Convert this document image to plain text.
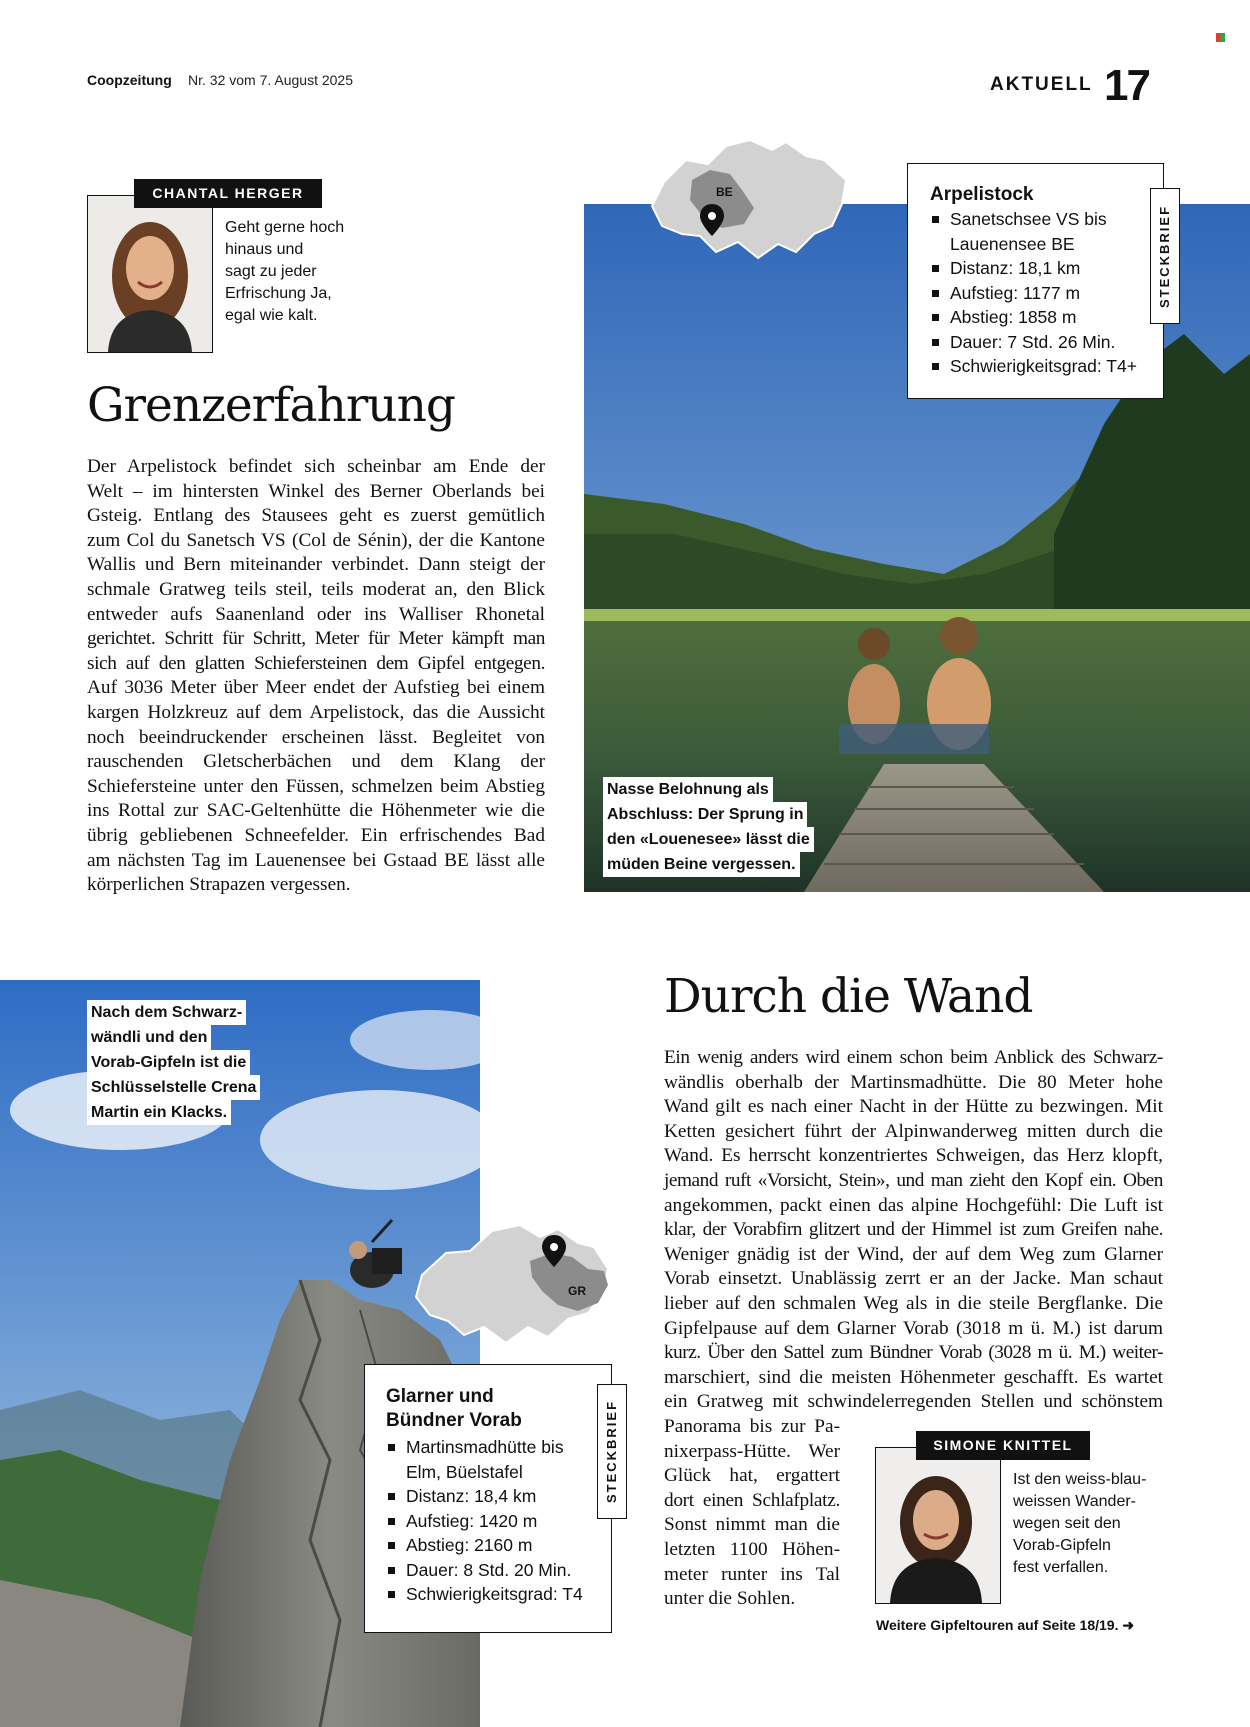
Coopzeitung Nr. 32 vom 7. August 2025	AKTUELL 17
BE
CHANTAL HERGER
Geht gerne hoch
hinaus und
sagt zu jeder
Erfrischung Ja,
egal wie kalt.
Arpelistock
Sanetschsee VS bis Lauenensee BE
Distanz: 18,1 km
Aufstieg: 1177 m
Abstieg: 1858 m
Dauer: 7 Std. 26 Min.
Schwierigkeitsgrad: T4+
STECKBRIEF
Grenzerfahrung
Der Arpelistock befindet sich scheinbar am Ende der
Welt – im hintersten Winkel des Berner Oberlands bei
Gsteig. Entlang des Stausees geht es zuerst gemütlich
zum Col du Sanetsch VS (Col de Sénin), der die Kantone
Wallis und Bern miteinander verbindet. Dann steigt der
schmale Gratweg teils steil, teils moderat an, den Blick
entweder aufs Saanenland oder ins Walliser Rhonetal
gerichtet. Schritt für Schritt, Meter für Meter kämpft man
sich auf den glatten Schiefersteinen dem Gipfel entgegen.
Auf 3036 Meter über Meer endet der Aufstieg bei einem
kargen Holzkreuz auf dem Arpelistock, das die Aussicht
noch beeindruckender erscheinen lässt. Begleitet von
rauschenden Gletscherbächen und dem Klang der
Schiefersteine unter den Füssen, schmelzen beim Abstieg
ins Rottal zur SAC-Geltenhütte die Höhenmeter wie die
übrig gebliebenen Schneefelder. Ein erfrischendes Bad
am nächsten Tag im Lauenensee bei Gstaad BE lässt alle
körperlichen Strapazen vergessen.
Nasse Belohnung als
Abschluss: Der Sprung in
den «Louenesee» lässt die
müden Beine vergessen.
Nach dem Schwarz-
wändli und den
Vorab-Gipfeln ist die
Schlüsselstelle Crena
Martin ein Klacks.
GR
Glarner und
Bündner Vorab
Martinsmadhütte bis Elm, Büelstafel
Distanz: 18,4 km
Aufstieg: 1420 m
Abstieg: 2160 m
Dauer: 8 Std. 20 Min.
Schwierigkeitsgrad: T4
STECKBRIEF
Durch die Wand
Ein wenig anders wird einem schon beim Anblick des Schwarz-
wändlis oberhalb der Martinsmadhütte. Die 80 Meter hohe
Wand gilt es nach einer Nacht in der Hütte zu bezwingen. Mit
Ketten gesichert führt der Alpinwanderweg mitten durch die
Wand. Es herrscht konzentriertes Schweigen, das Herz klopft,
jemand ruft «Vorsicht, Stein», und man zieht den Kopf ein. Oben
angekommen, packt einen das alpine Hochgefühl: Die Luft ist
klar, der Vorabfirn glitzert und der Himmel ist zum Greifen nahe.
Weniger gnädig ist der Wind, der auf dem Weg zum Glarner
Vorab einsetzt. Unablässig zerrt er an der Jacke. Man schaut
lieber auf den schmalen Weg als in die steile Bergflanke. Die
Gipfelpause auf dem Glarner Vorab (3018 m ü. M.) ist darum
kurz. Über den Sattel zum Bündner Vorab (3028 m ü. M.) weiter-
marschiert, sind die meisten Höhenmeter geschafft. Es wartet
ein Gratweg mit schwindelerregenden Stellen und schönstem
Panorama bis zur Pa-
nixerpass-Hütte. Wer
Glück hat, ergattert
dort einen Schlafplatz.
Sonst nimmt man die
letzten 1100 Höhen-
meter runter ins Tal
unter die Sohlen.
SIMONE KNITTEL
Ist den weiss-blau-
weissen Wander-
wegen seit den
Vorab-Gipfeln
fest verfallen.
Weitere Gipfeltouren auf Seite 18/19. ➜
